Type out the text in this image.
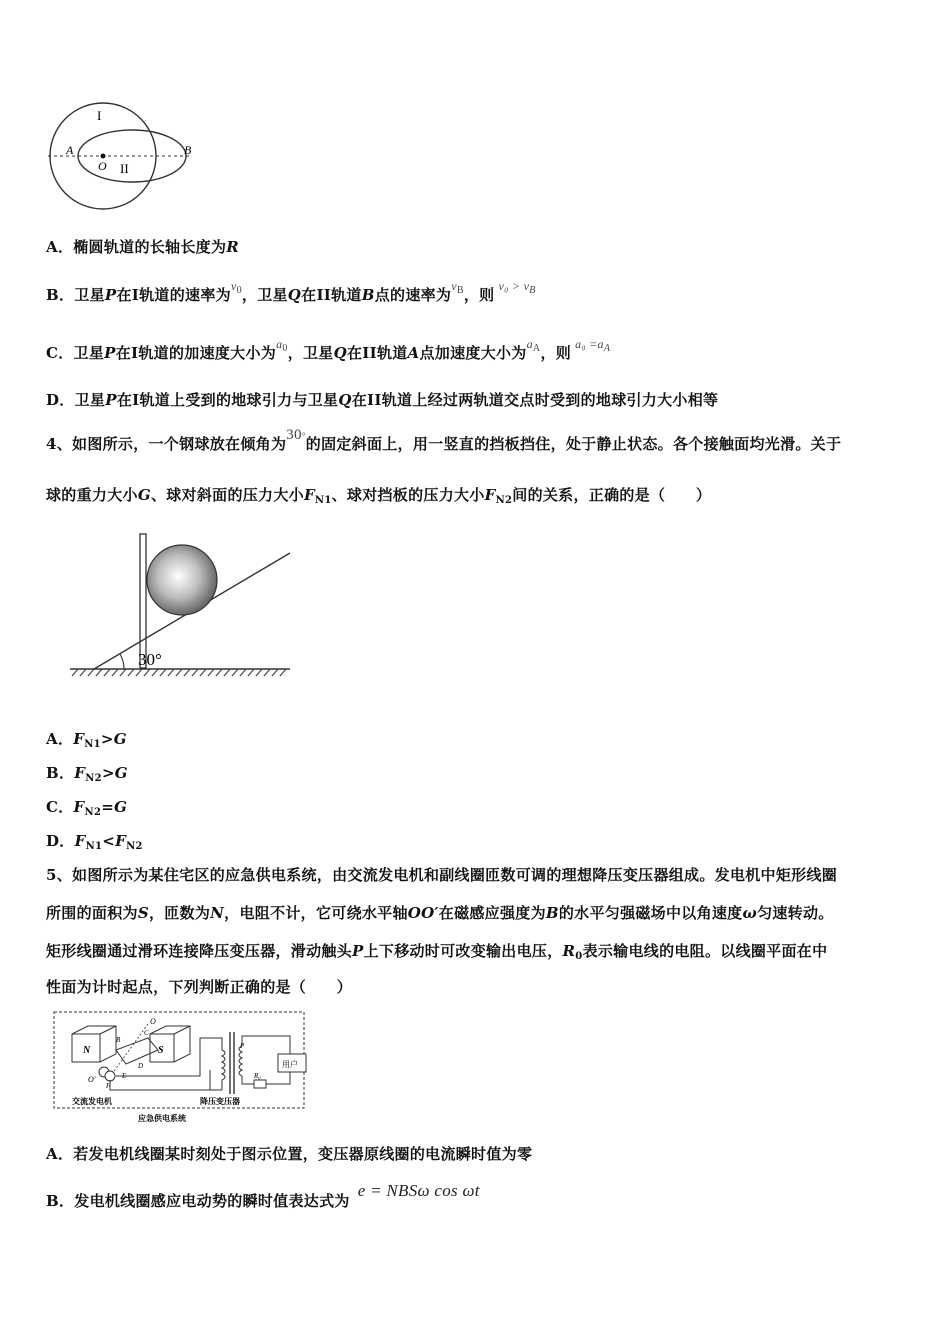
I
II
A	B
O
A．椭圆轨道的长轴长度为R
B．卫星P在I轨道的速率为$^{v_0}$，卫星Q在II轨道B点的速率为$^{v_B}$，则 $^{v_0 > v_B}$
C．卫星P在I轨道的加速度大小为$^{a_0}$，卫星Q在II轨道A点加速度大小为$^{a_A}$，则 $^{a_0 =a_A}$
D．卫星P在I轨道上受到的地球引力与卫星Q在II轨道上经过两轨道交点时受到的地球引力大小相等
4、如图所示，一个钢球放在倾角为30°的固定斜面上，用一竖直的挡板挡住，处于静止状态。各个接触面均光滑。关于
球的重力大小G、球对斜面的压力大小$F_{N1}$、球对挡板的压力大小$F_{N2}$间的关系，正确的是（　　）
30°
A．$F_{N1}>G$
B．$F_{N2}>G$
C．$F_{N2}=G$
D．$F_{N1}<F_{N2}$
5、如图所示为某住宅区的应急供电系统，由交流发电机和副线圈匝数可调的理想降压变压器组成。发电机中矩形线圈
所围的面积为S，匝数为N，电阻不计，它可绕水平轴OO′在磁感应强度为B的水平匀强磁场中以角速度ω匀速转动。
矩形线圈通过滑环连接降压变压器，滑动触头P上下移动时可改变输出电压，$R_0$表示输电线的电阻。以线圈平面在中
性面为计时起点，下列判断正确的是（　　）
N	S
O
O′
B
C
D
E
F
P
R₀
用户
交流发电机	降压变压器
应急供电系统
A．若发电机线圈某时刻处于图示位置，变压器原线圈的电流瞬时值为零
B．发电机线圈感应电动势的瞬时值表达式为e = NBSω cos ωt
